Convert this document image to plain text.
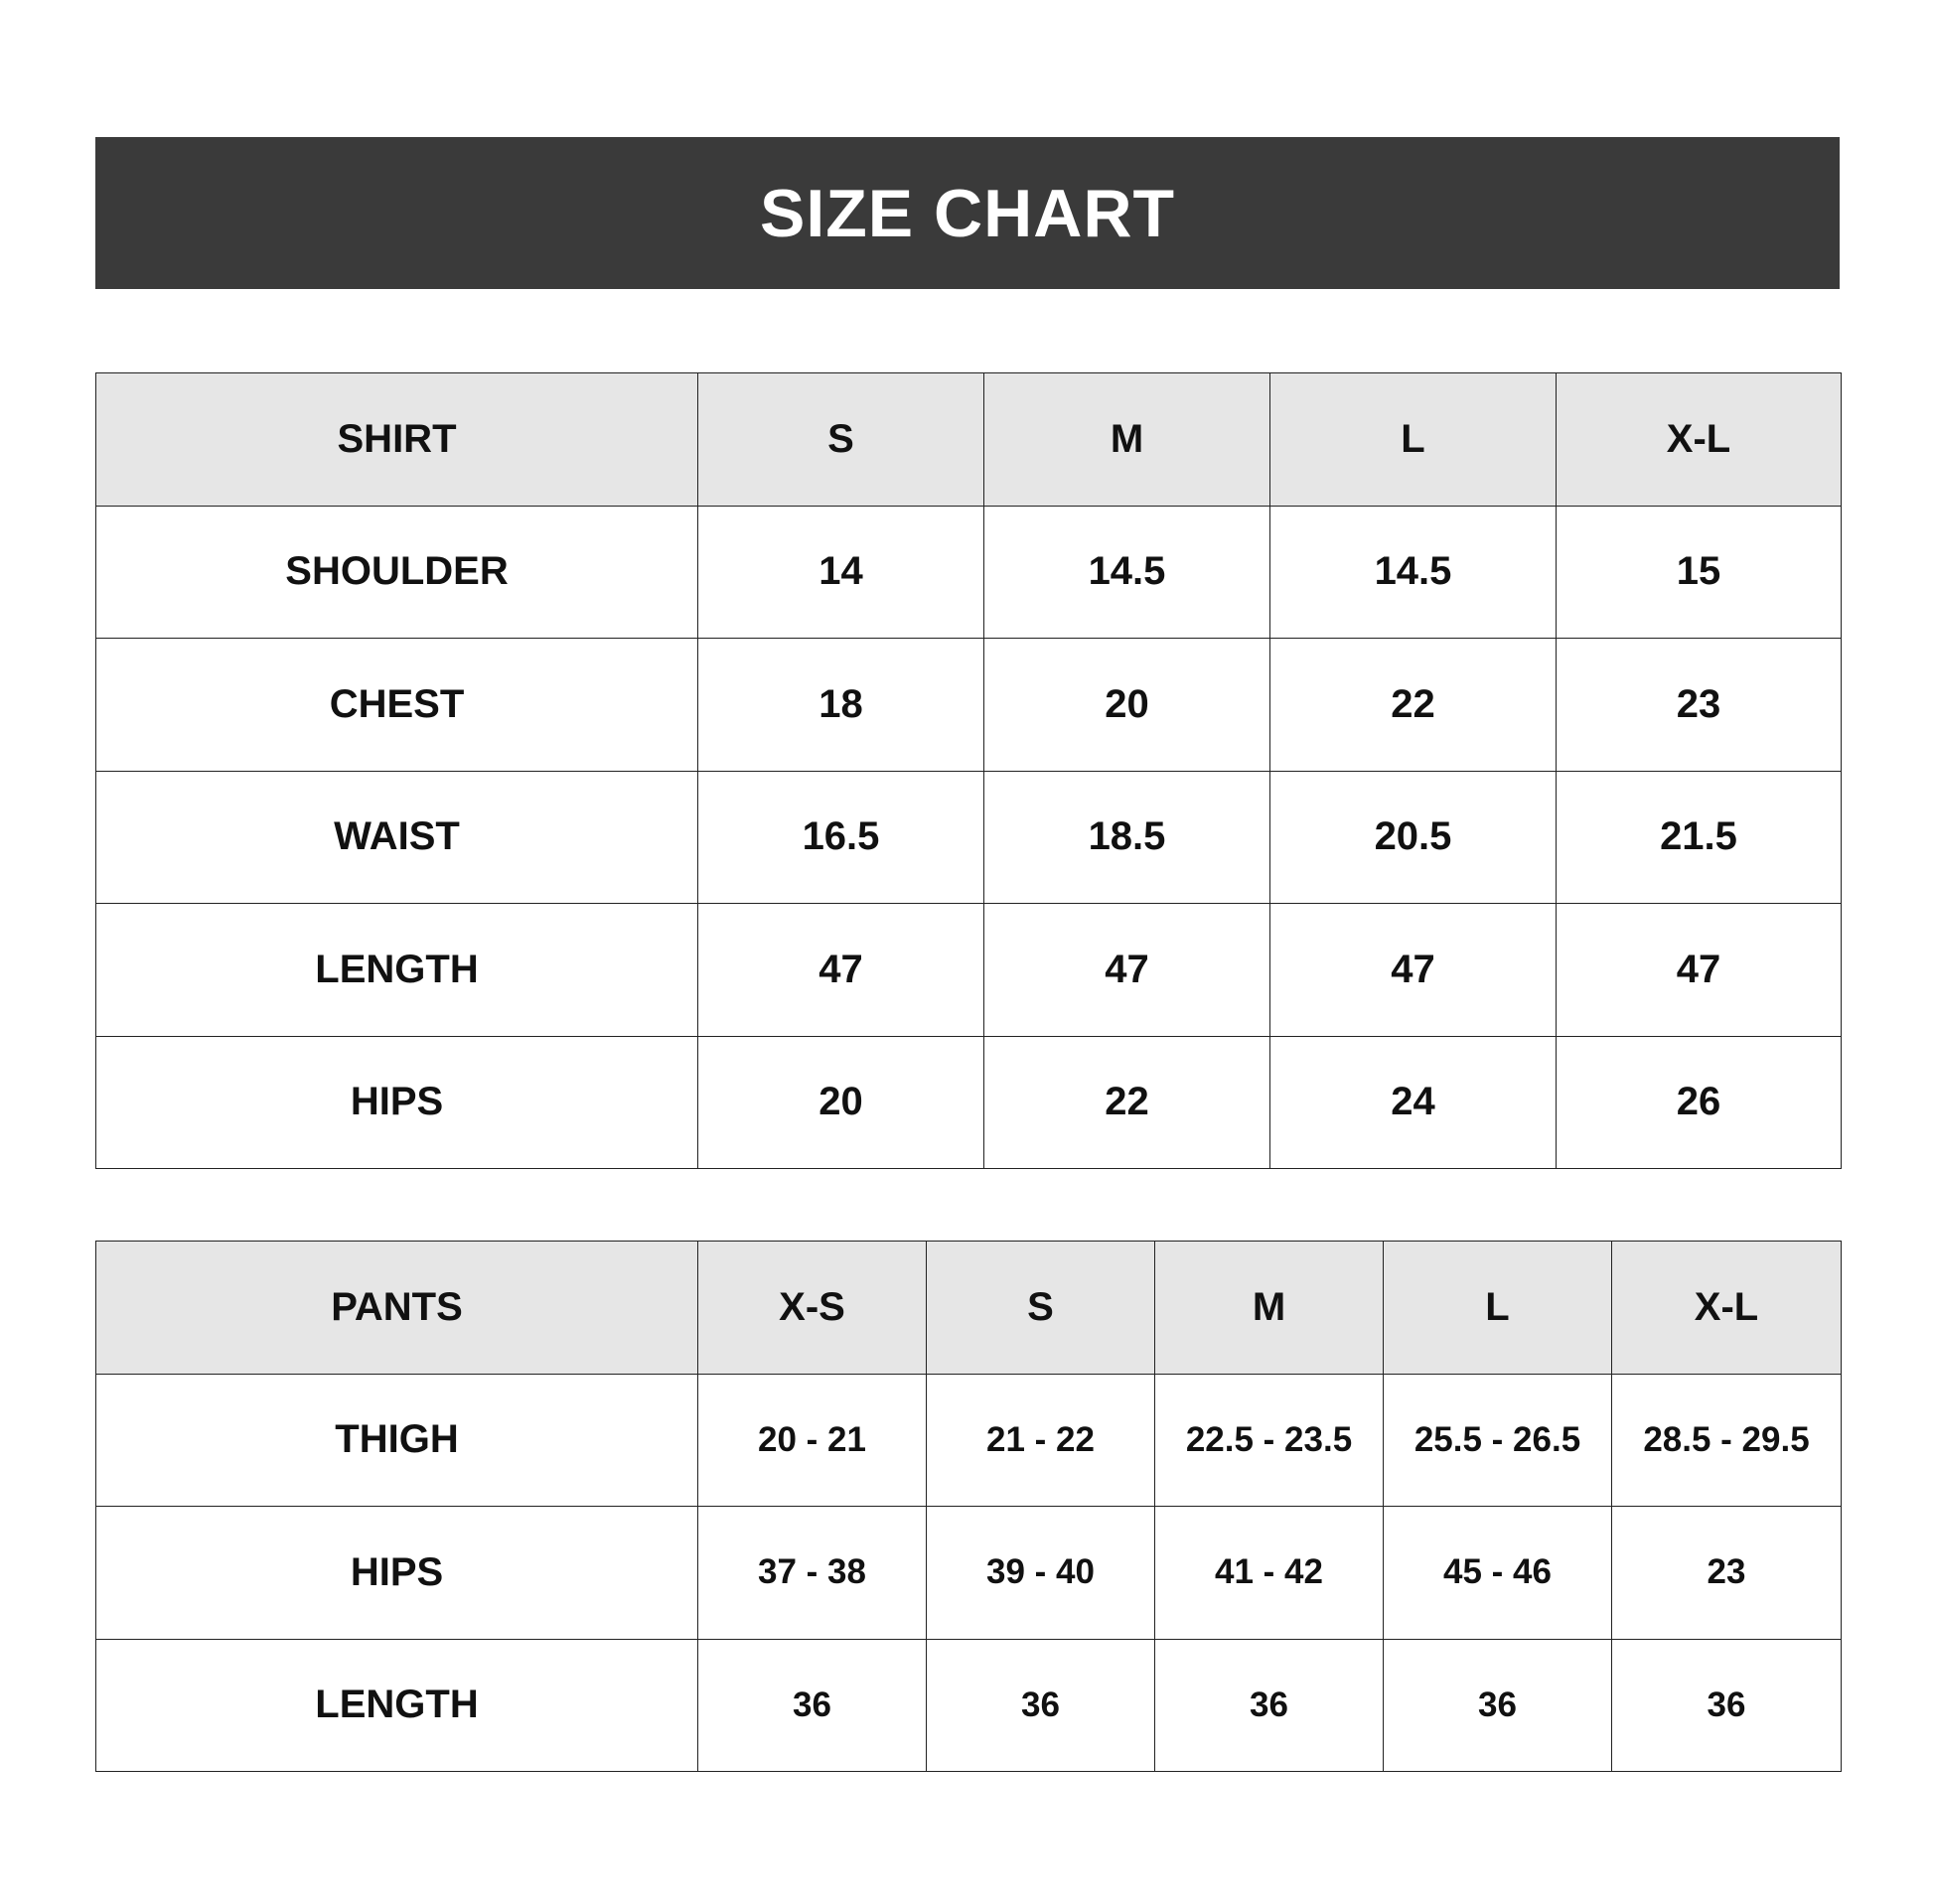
SIZE CHART
SHIRT	S	M	L	X-L
SHOULDER	14	14.5	14.5	15
CHEST	18	20	22	23
WAIST	16.5	18.5	20.5	21.5
LENGTH	47	47	47	47
HIPS	20	22	24	26
PANTS	X-S	S	M	L	X-L
THIGH	20 - 21	21 - 22	22.5 - 23.5	25.5 - 26.5	28.5 - 29.5
HIPS	37 - 38	39 - 40	41 - 42	45 - 46	23
LENGTH	36	36	36	36	36
